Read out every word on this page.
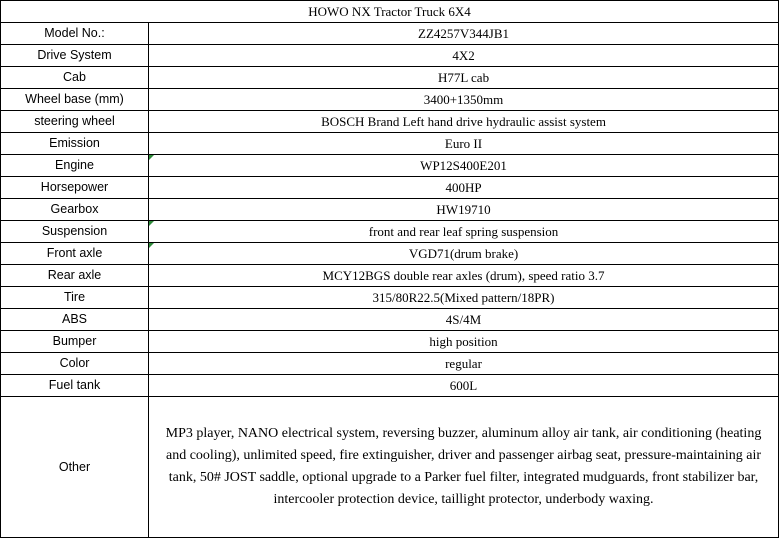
HOWO NX Tractor Truck 6X4	
Model No.:	ZZ4257V344JB1
Drive System	4X2
Cab	H77L cab
Wheel base (mm)	3400+1350mm
steering wheel	BOSCH Brand Left hand drive hydraulic assist system
Emission	Euro II
Engine	WP12S400E201
Horsepower	400HP
Gearbox	HW19710
Suspension	front and rear leaf spring suspension
Front axle	VGD71(drum brake)
Rear axle	MCY12BGS double rear axles (drum), speed ratio 3.7
Tire	315/80R22.5(Mixed pattern/18PR)
ABS	4S/4M
Bumper	high position
Color	regular
Fuel tank	600L
Other	MP3 player, NANO electrical system, reversing buzzer, aluminum alloy air tank, air conditioning (heating and cooling), unlimited speed, fire extinguisher, driver and passenger airbag seat, pressure-maintaining air tank, 50# JOST saddle, optional upgrade to a Parker fuel filter, integrated mudguards, front stabilizer bar, intercooler protection device, taillight protector, underbody waxing.
